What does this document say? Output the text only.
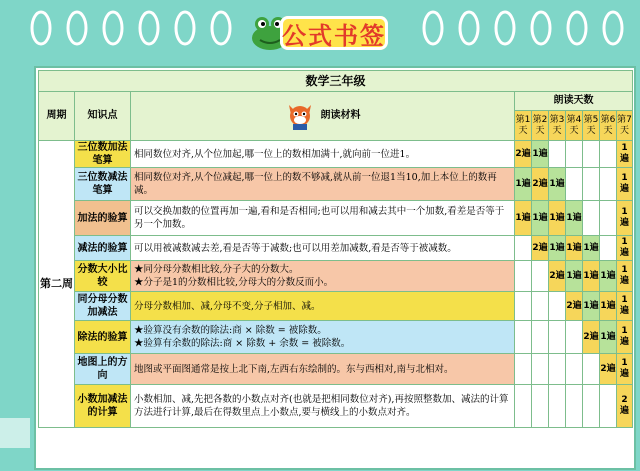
公式书签
数学三年级									
周期	知识点	朗读材料	朗读天数						
			第1天	第2天	第3天	第4天	第5天	第6天	第7天
第二周	三位数加法笔算	相同数位对齐,从个位加起,哪一位上的数相加满十,就向前一位进1。	2遍	1遍					1遍
	三位数减法笔算	相同数位对齐,从个位减起,哪一位上的数不够减,就从前一位退1当10,加上本位上的数再减。	1遍	2遍	1遍				1遍
	加法的验算	可以交换加数的位置再加一遍,看和是否相同;也可以用和减去其中一个加数,看差是否等于另一个加数。	1遍	1遍	1遍	1遍			1遍
	减法的验算	可以用被减数减去差,看是否等于减数;也可以用差加减数,看是否等于被减数。		2遍	1遍	1遍	1遍		1遍
	分数大小比较	★同分母分数相比较,分子大的分数大。
★分子是1的分数相比较,分母大的分数反而小。			2遍	1遍	1遍	1遍	1遍
	同分母分数加减法	分母分数相加、减,分母不变,分子相加、减。				2遍	1遍	1遍	1遍
	除法的验算	★验算没有余数的除法:商 × 除数 = 被除数。
★验算有余数的除法:商 × 除数 + 余数 = 被除数。					2遍	1遍	1遍
	地图上的方向	地图或平面图通常是按上北下南,左西右东绘制的。东与西相对,南与北相对。						2遍	1遍
	小数加减法的计算	小数相加、减,先把各数的小数点对齐(也就是把相同数位对齐),再按照整数加、减法的计算方法进行计算,最后在得数里点上小数点,要与横线上的小数点对齐。							2遍
